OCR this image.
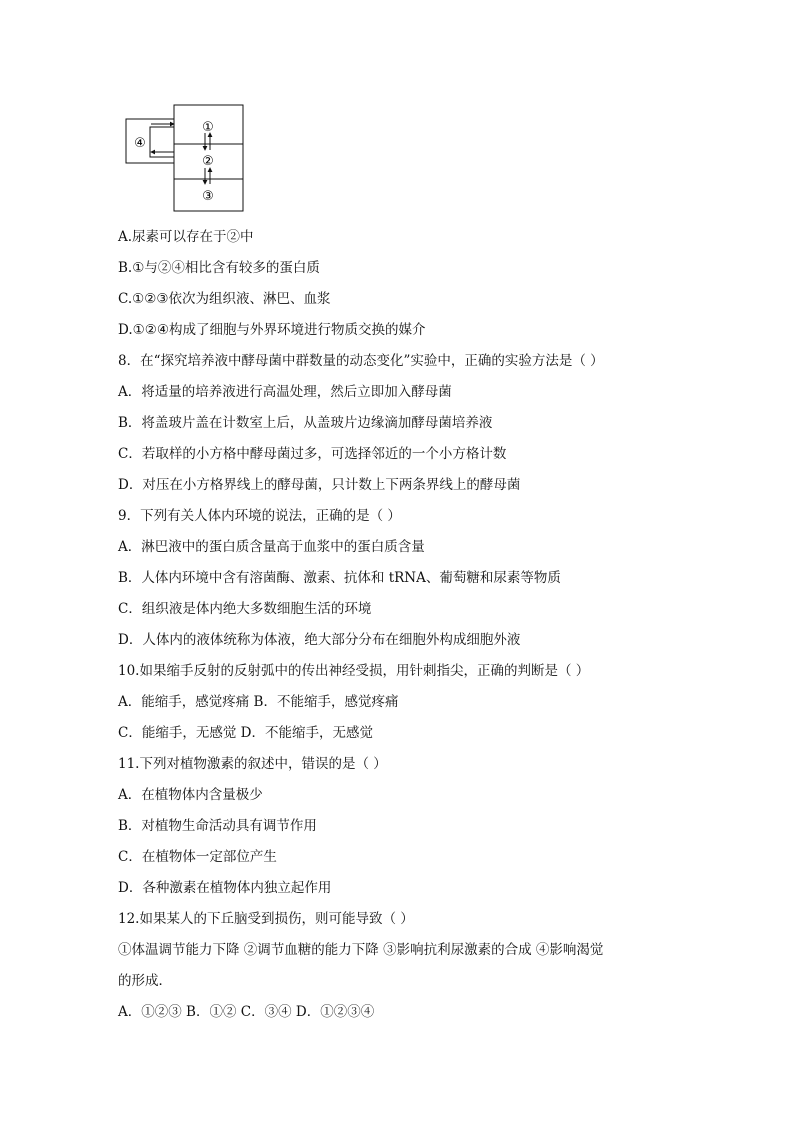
①
②
③
④
A.尿素可以存在于②中
B.①与②④相比含有较多的蛋白质
C.①②③依次为组织液、淋巴、血浆
D.①②④构成了细胞与外界环境进行物质交换的媒介
8．在“探究培养液中酵母菌中群数量的动态变化”实验中，正确的实验方法是（ ）
A．将适量的培养液进行高温处理，然后立即加入酵母菌
B．将盖玻片盖在计数室上后，从盖玻片边缘滴加酵母菌培养液
C．若取样的小方格中酵母菌过多，可选择邻近的一个小方格计数
D．对压在小方格界线上的酵母菌，只计数上下两条界线上的酵母菌
9．下列有关人体内环境的说法，正确的是（ ）
A．淋巴液中的蛋白质含量高于血浆中的蛋白质含量
B．人体内环境中含有溶菌酶、激素、抗体和 tRNA、葡萄糖和尿素等物质
C．组织液是体内绝大多数细胞生活的环境
D．人体内的液体统称为体液，绝大部分分布在细胞外构成细胞外液
10.如果缩手反射的反射弧中的传出神经受损，用针刺指尖，正确的判断是（ ）
A．能缩手，感觉疼痛 B．不能缩手，感觉疼痛
C．能缩手，无感觉 D．不能缩手，无感觉
11.下列对植物激素的叙述中，错误的是（ ）
A．在植物体内含量极少
B．对植物生命活动具有调节作用
C．在植物体一定部位产生
D．各种激素在植物体内独立起作用
12.如果某人的下丘脑受到损伤，则可能导致（ ）
①体温调节能力下降 ②调节血糖的能力下降 ③影响抗利尿激素的合成 ④影响渴觉
的形成．
A．①②③ B．①② C．③④ D．①②③④
